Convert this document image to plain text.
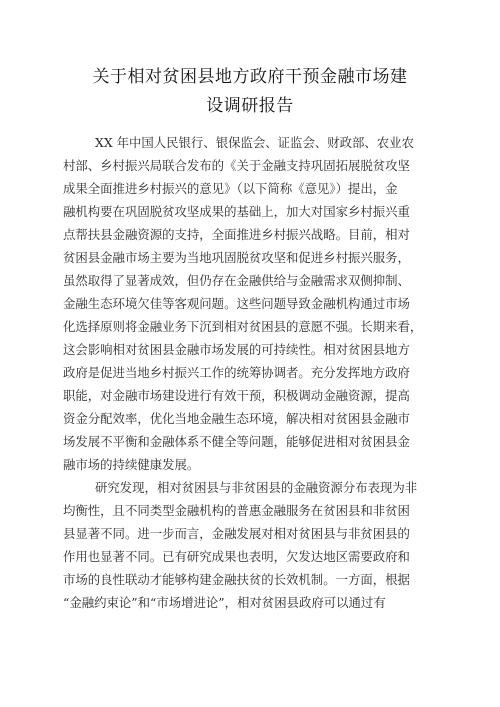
关于相对贫困县地方政府干预金融市场建
设调研报告
XX 年中国人民银行、银保监会、证监会、财政部、农业农
村部、乡村振兴局联合发布的《关于金融支持巩固拓展脱贫攻坚
成果全面推进乡村振兴的意见》（以下简称《意见》）提出，金
融机构要在巩固脱贫攻坚成果的基础上，加大对国家乡村振兴重
点帮扶县金融资源的支持，全面推进乡村振兴战略。目前，相对
贫困县金融市场主要为当地巩固脱贫攻坚和促进乡村振兴服务，
虽然取得了显著成效，但仍存在金融供给与金融需求双侧抑制、
金融生态环境欠佳等客观问题。这些问题导致金融机构通过市场
化选择原则将金融业务下沉到相对贫困县的意愿不强。长期来看，
这会影响相对贫困县金融市场发展的可持续性。相对贫困县地方
政府是促进当地乡村振兴工作的统筹协调者。充分发挥地方政府
职能，对金融市场建设进行有效干预，积极调动金融资源，提高
资金分配效率，优化当地金融生态环境，解决相对贫困县金融市
场发展不平衡和金融体系不健全等问题，能够促进相对贫困县金
融市场的持续健康发展。
研究发现，相对贫困县与非贫困县的金融资源分布表现为非
均衡性，且不同类型金融机构的普惠金融服务在贫困县和非贫困
县显著不同。进一步而言，金融发展对相对贫困县与非贫困县的
作用也显著不同。已有研究成果也表明，欠发达地区需要政府和
市场的良性联动才能够构建金融扶贫的长效机制。一方面，根据
“金融约束论”和“市场增进论”，相对贫困县政府可以通过有
